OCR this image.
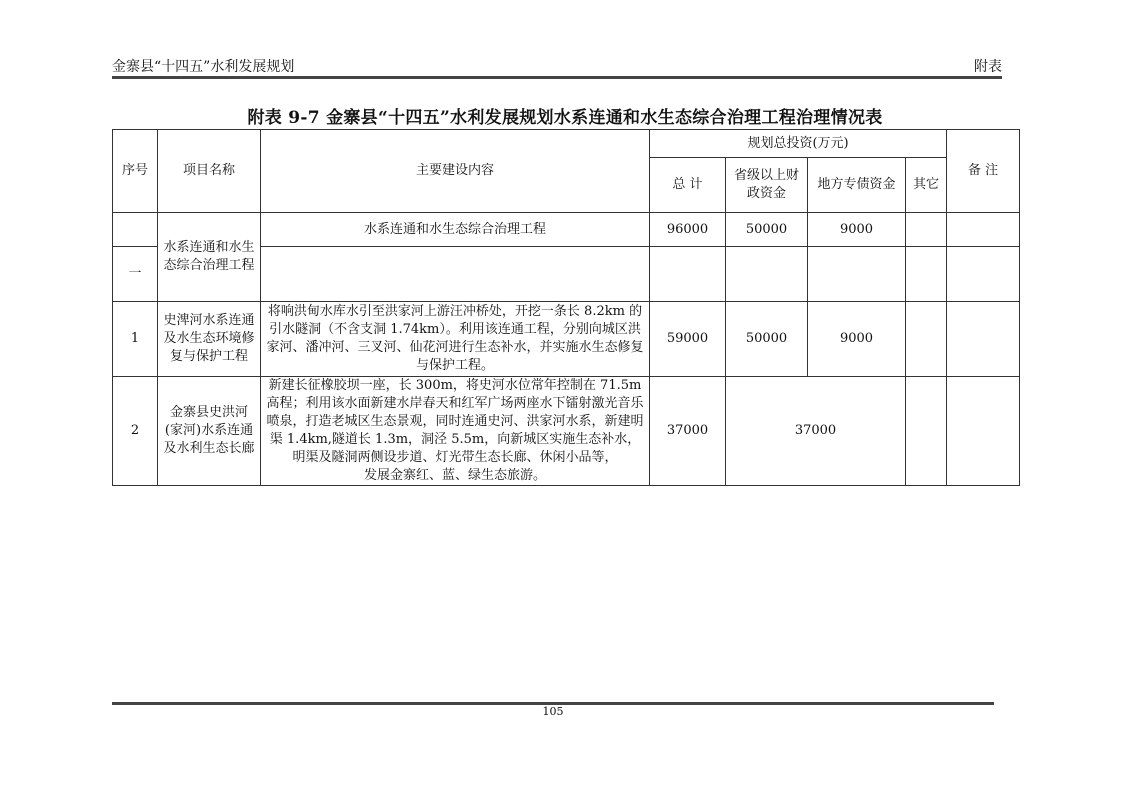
金寨县“十四五”水利发展规划	附表
附表 9-7 金寨县“十四五”水利发展规划水系连通和水生态综合治理工程治理情况表
序号	项目名称	主要建设内容	规划总投资(万元)				备 注
			总 计	省级以上财政资金	地方专债资金	其它	
	水系连通和水生态综合治理工程	水系连通和水生态综合治理工程	96000	50000	9000		
一							
1	史渒河水系连通及水生态环境修复与保护工程	将响洪甸水库水引至洪家河上游汪冲桥处，开挖一条长 8.2km 的引水隧洞（不含支洞 1.74km）。利用该连通工程，分别向城区洪家河、潘冲河、三叉河、仙花河进行生态补水，并实施水生态修复与保护工程。	59000	50000	9000		
2	金寨县史洪河(家河)水系连通及水利生态长廊	新建长征橡胶坝一座，长 300m，将史河水位常年控制在 71.5m 高程；利用该水面新建水岸春天和红军广场两座水下镭射激光音乐喷泉，打造老城区生态景观，同时连通史河、洪家河水系，新建明渠 1.4km,隧道长 1.3m，洞泾 5.5m，向新城区实施生态补水，明渠及隧洞两侧设步道、灯光带生态长廊、休闲小品等，
发展金寨红、蓝、绿生态旅游。	37000	37000			
105
